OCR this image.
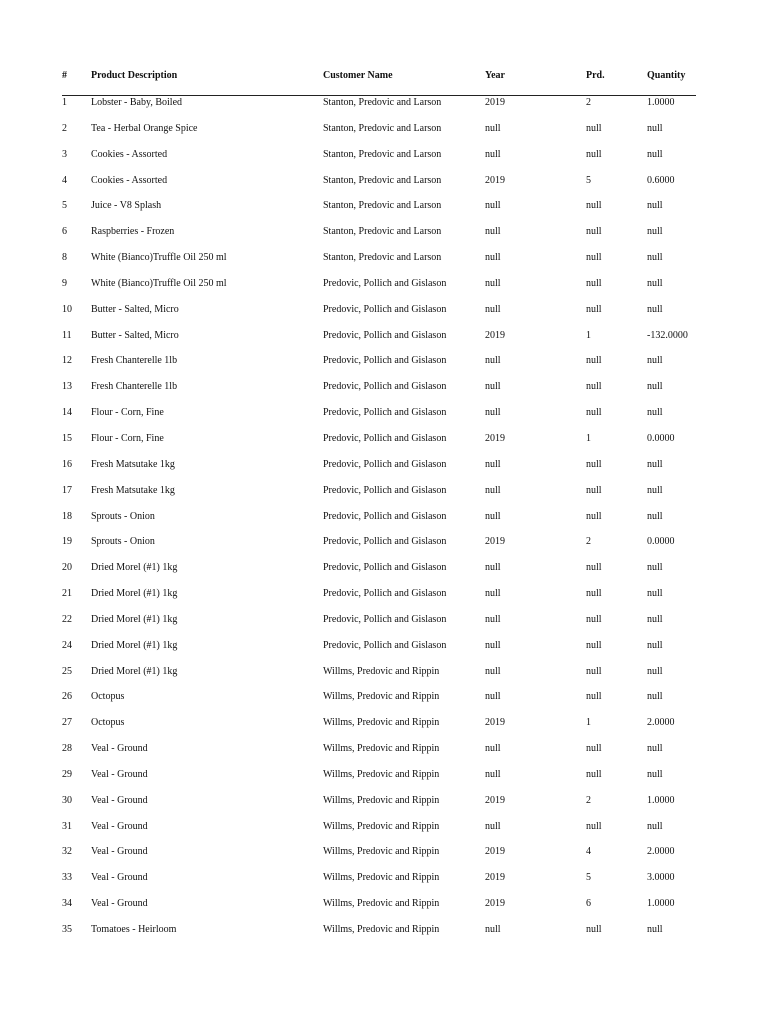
# Product Description	Customer Name	Year	Prd.	Quantity
1 Lobster - Baby, Boiled	Stanton, Predovic and Larson	2019	2	1.0000
2 Tea - Herbal Orange Spice	Stanton, Predovic and Larson	null	null	null
3 Cookies - Assorted	Stanton, Predovic and Larson	null	null	null
4 Cookies - Assorted	Stanton, Predovic and Larson	2019	5	0.6000
5 Juice - V8 Splash	Stanton, Predovic and Larson	null	null	null
6 Raspberries - Frozen	Stanton, Predovic and Larson	null	null	null
8 White (Bianco)Truffle Oil 250 ml	Stanton, Predovic and Larson	null	null	null
9 White (Bianco)Truffle Oil 250 ml	Predovic, Pollich and Gislason	null	null	null
10 Butter - Salted, Micro	Predovic, Pollich and Gislason	null	null	null
11 Butter - Salted, Micro	Predovic, Pollich and Gislason	2019	1	-132.0000
12 Fresh Chanterelle 1lb	Predovic, Pollich and Gislason	null	null	null
13 Fresh Chanterelle 1lb	Predovic, Pollich and Gislason	null	null	null
14 Flour - Corn, Fine	Predovic, Pollich and Gislason	null	null	null
15 Flour - Corn, Fine	Predovic, Pollich and Gislason	2019	1	0.0000
16 Fresh Matsutake 1kg	Predovic, Pollich and Gislason	null	null	null
17 Fresh Matsutake 1kg	Predovic, Pollich and Gislason	null	null	null
18 Sprouts - Onion	Predovic, Pollich and Gislason	null	null	null
19 Sprouts - Onion	Predovic, Pollich and Gislason	2019	2	0.0000
20 Dried Morel (#1) 1kg	Predovic, Pollich and Gislason	null	null	null
21 Dried Morel (#1) 1kg	Predovic, Pollich and Gislason	null	null	null
22 Dried Morel (#1) 1kg	Predovic, Pollich and Gislason	null	null	null
24 Dried Morel (#1) 1kg	Predovic, Pollich and Gislason	null	null	null
25 Dried Morel (#1) 1kg	Willms, Predovic and Rippin	null	null	null
26 Octopus	Willms, Predovic and Rippin	null	null	null
27 Octopus	Willms, Predovic and Rippin	2019	1	2.0000
28 Veal - Ground	Willms, Predovic and Rippin	null	null	null
29 Veal - Ground	Willms, Predovic and Rippin	null	null	null
30 Veal - Ground	Willms, Predovic and Rippin	2019	2	1.0000
31 Veal - Ground	Willms, Predovic and Rippin	null	null	null
32 Veal - Ground	Willms, Predovic and Rippin	2019	4	2.0000
33 Veal - Ground	Willms, Predovic and Rippin	2019	5	3.0000
34 Veal - Ground	Willms, Predovic and Rippin	2019	6	1.0000
35 Tomatoes - Heirloom	Willms, Predovic and Rippin	null	null	null
